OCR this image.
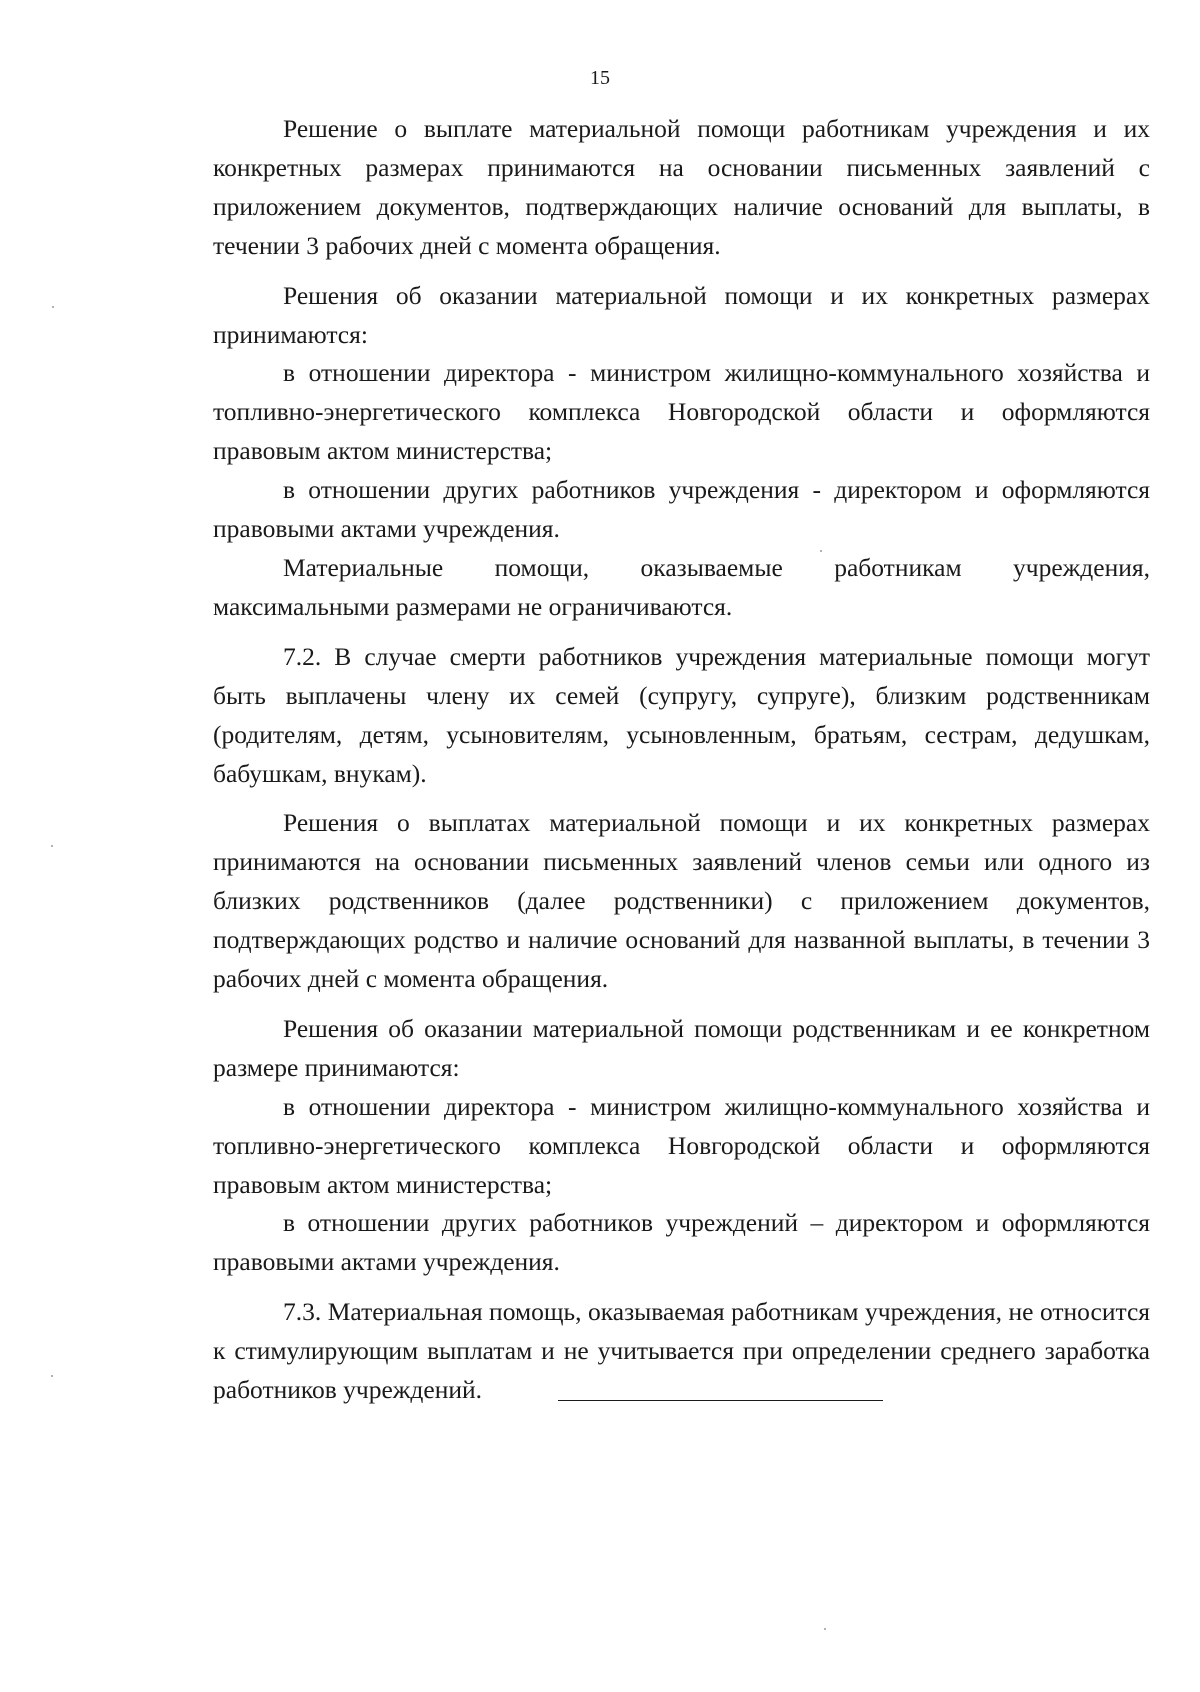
15

Решение о выплате материальной помощи работникам учреждения и их конкретных размерах принимаются на основании письменных заявлений с приложением документов, подтверждающих наличие оснований для выплаты, в течении 3 рабочих дней с момента обращения.

Решения об оказании материальной помощи и их конкретных размерах принимаются:

в отношении директора - министром жилищно-коммунального хозяйства и топливно-энергетического комплекса Новгородской области и оформляются правовым актом министерства;

в отношении других работников учреждения - директором и оформляются правовыми актами учреждения.

Материальные помощи, оказываемые работникам учреждения, максимальными размерами не ограничиваются.

7.2. В случае смерти работников учреждения материальные помощи могут быть выплачены члену их семей (супругу, супруге), близким родственникам (родителям, детям, усыновителям, усыновленным, братьям, сестрам, дедушкам, бабушкам, внукам).

Решения о выплатах материальной помощи и их конкретных размерах принимаются на основании письменных заявлений членов семьи или одного из близких родственников (далее родственники) с приложением документов, подтверждающих родство и наличие оснований для названной выплаты, в течении 3 рабочих дней с момента обращения.

Решения об оказании материальной помощи родственникам и ее конкретном размере принимаются:

в отношении директора - министром жилищно-коммунального хозяйства и топливно-энергетического комплекса Новгородской области и оформляются правовым актом министерства;

в отношении других работников учреждений – директором и оформляются правовыми актами учреждения.

7.3. Материальная помощь, оказываемая работникам учреждения, не относится к стимулирующим выплатам и не учитывается при определении среднего заработка работников учреждений.
